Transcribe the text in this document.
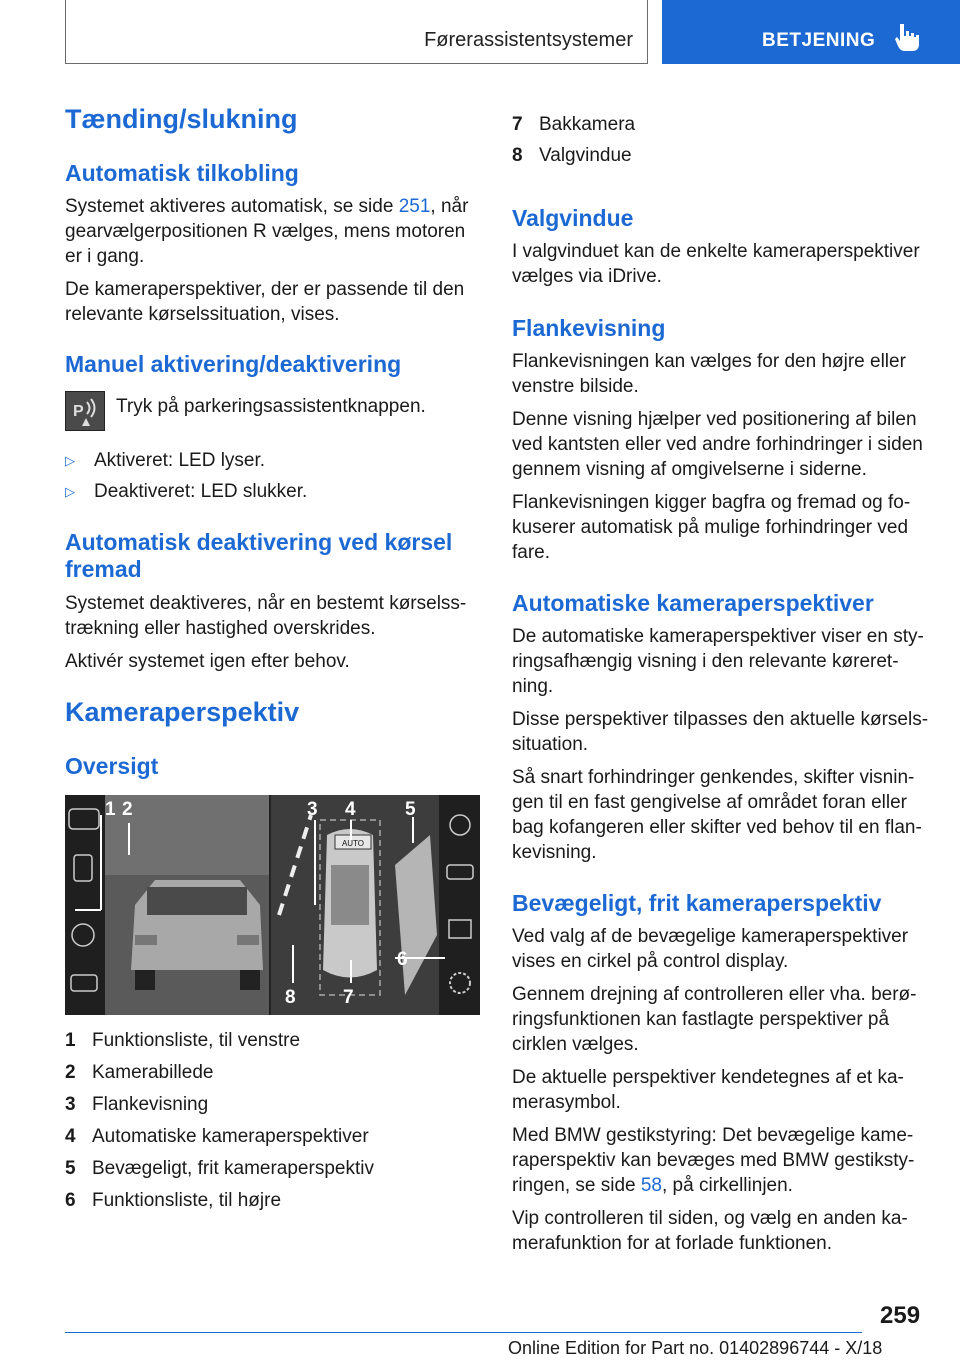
Førerassistentsystemer	BETJENING
Tænding/slukning
Automatisk tilkobling

Systemet aktiveres automatisk, se side 251, når

gearvælgerpositionen R vælges, mens motoren

er i gang.

De kameraperspektiver, der er passende til den

relevante kørselssituation, vises.

Manuel aktivering/deaktivering
P Tryk på parkeringsassistentknappen.

▷ Aktiveret: LED lyser.
▷ Deaktiveret: LED slukker.
Automatisk deaktivering ved kørsel
fremad

Systemet deaktiveres, når en bestemt kørselss-

trækning eller hastighed overskrides.

Aktivér systemet igen efter behov.

Kameraperspektiv
Oversigt
AUTO
1 2	3 4	5
6
7
8
1 Funktionsliste, til venstre
2 Kamerabillede
3 Flankevisning
4 Automatiske kameraperspektiver
5 Bevægeligt, frit kameraperspektiv
6 Funktionsliste, til højre
7 Bakkamera
8 Valgvindue
Valgvindue

I valgvinduet kan de enkelte kameraperspektiver

vælges via iDrive.

Flankevisning

Flankevisningen kan vælges for den højre eller

venstre bilside.

Denne visning hjælper ved positionering af bilen

ved kantsten eller ved andre forhindringer i siden

gennem visning af omgivelserne i siderne.

Flankevisningen kigger bagfra og fremad og fo-

kuserer automatisk på mulige forhindringer ved

fare.

Automatiske kameraperspektiver

De automatiske kameraperspektiver viser en sty-

ringsafhængig visning i den relevante køreret-

ning.

Disse perspektiver tilpasses den aktuelle kørsels-

situation.

Så snart forhindringer genkendes, skifter visnin-

gen til en fast gengivelse af området foran eller

bag kofangeren eller skifter ved behov til en flan-

kevisning.

Bevægeligt, frit kameraperspektiv

Ved valg af de bevægelige kameraperspektiver

vises en cirkel på control display.

Gennem drejning af controlleren eller vha. berø-

ringsfunktionen kan fastlagte perspektiver på

cirklen vælges.

De aktuelle perspektiver kendetegnes af et ka-

merasymbol.

Med BMW gestikstyring: Det bevægelige kame-

raperspektiv kan bevæges med BMW gestiksty-

ringen, se side 58, på cirkellinjen.

Vip controlleren til siden, og vælg en anden ka-

merafunktion for at forlade funktionen.

259
Online Edition for Part no. 01402896744 - X/18
